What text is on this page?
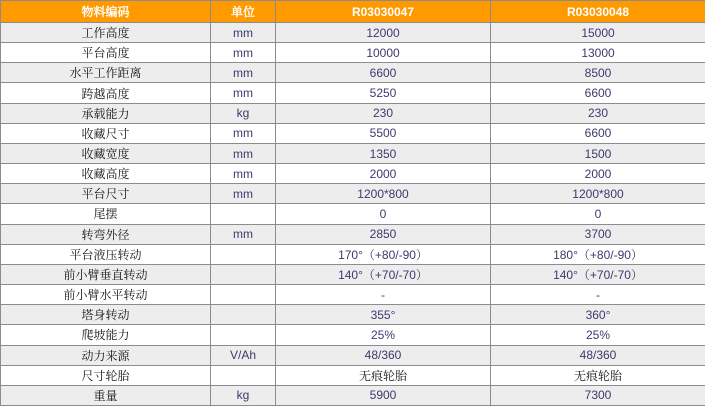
物料编码	单位	R03030047	R03030048
工作高度	mm	12000	15000
平台高度	mm	10000	13000
水平工作距离	mm	6600	8500
跨越高度	mm	5250	6600
承载能力	kg	230	230
收藏尺寸	mm	5500	6600
收藏宽度	mm	1350	1500
收藏高度	mm	2000	2000
平台尺寸	mm	1200*800	1200*800
尾摆		0	0
转弯外径	mm	2850	3700
平台液压转动		170°（+80/-90）	180°（+80/-90）
前小臂垂直转动		140°（+70/-70）	140°（+70/-70）
前小臂水平转动		-	-
塔身转动		355°	360°
爬坡能力		25%	25%
动力来源	V/Ah	48/360	48/360
尺寸轮胎		无痕轮胎	无痕轮胎
重量	kg	5900	7300
